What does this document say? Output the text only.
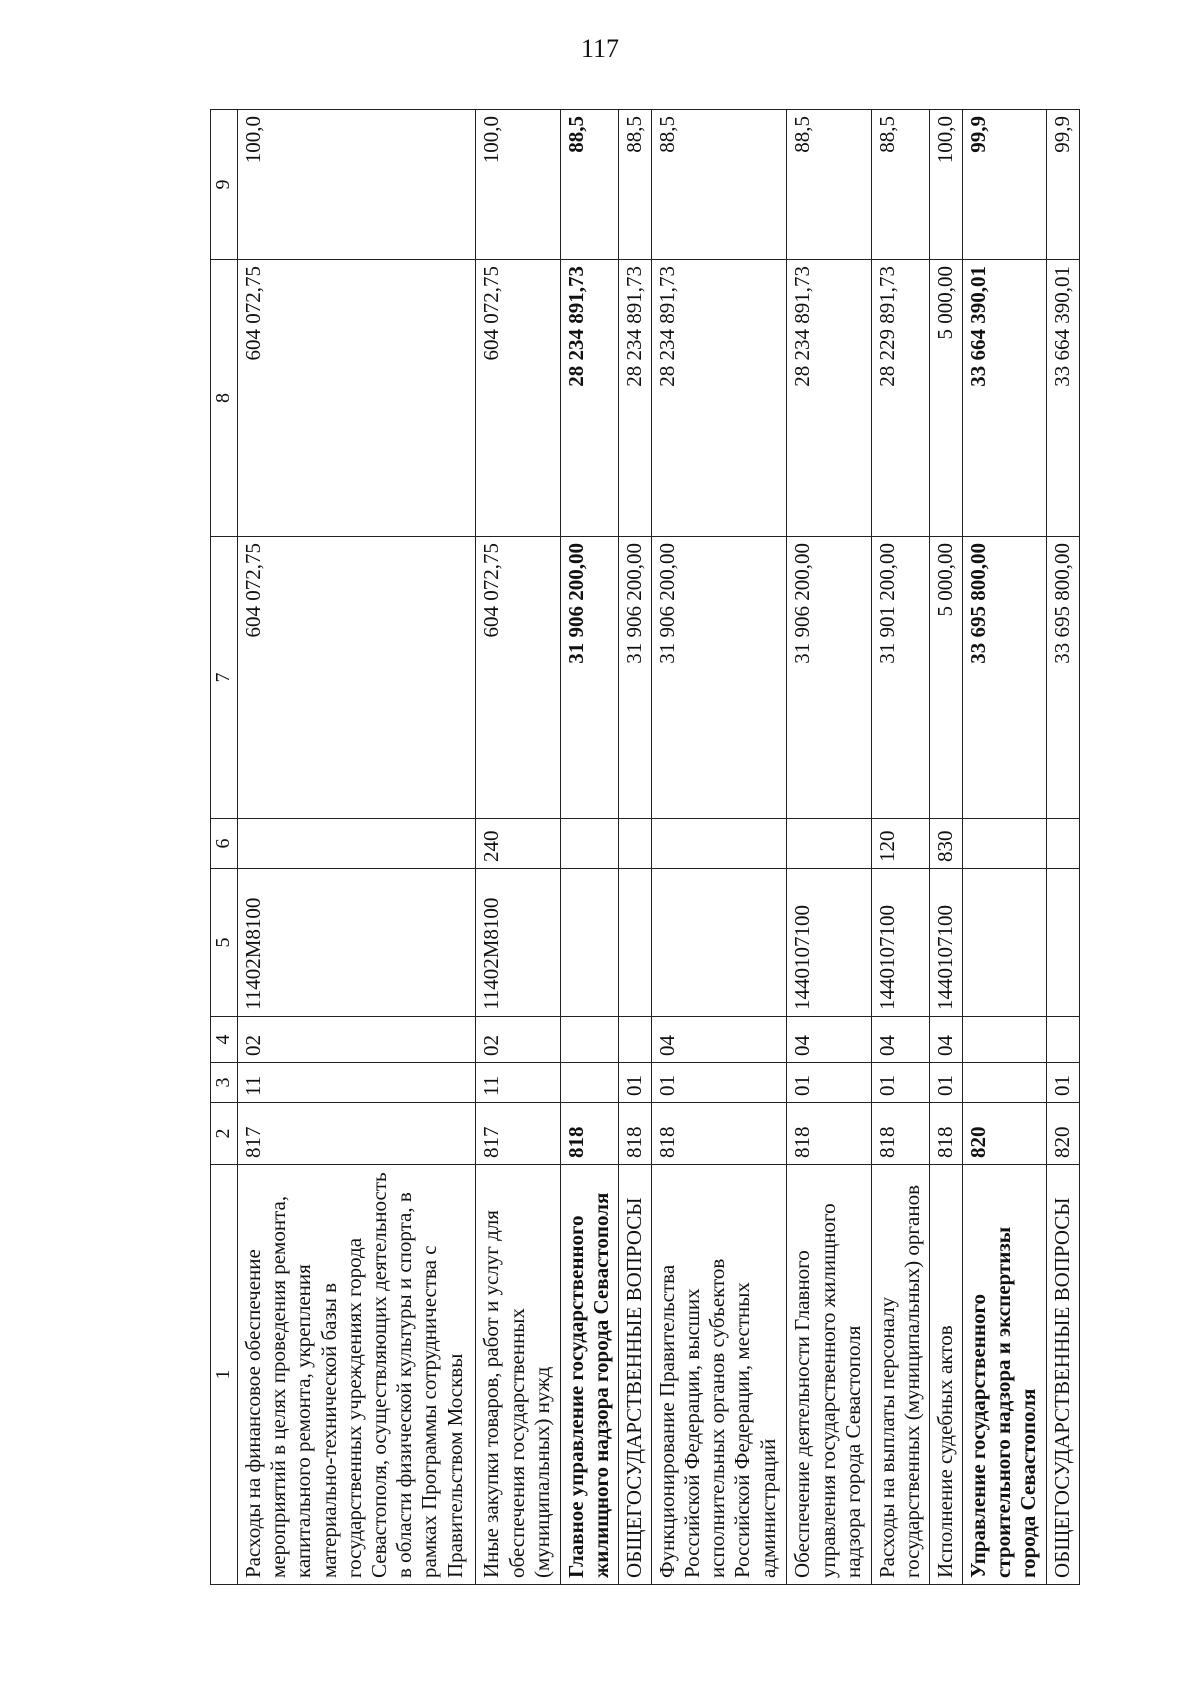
117
1	2	3	4	5	6	7	8	9
Расходы на финансовое обеспечение мероприятий в целях проведения ремонта, капитального ремонта, укрепления материально-технической базы в государственных учреждениях города Севастополя, осуществляющих деятельность в области физической культуры и спорта, в рамках Программы сотрудничества с Правительством Москвы	817	11	02	11402M8100		604 072,75	604 072,75	100,0
Иные закупки товаров, работ и услуг для обеспечения государственных (муниципальных) нужд	817	11	02	11402M8100	240	604 072,75	604 072,75	100,0
Главное управление государственного жилищного надзора города Севастополя	818					31 906 200,00	28 234 891,73	88,5
ОБЩЕГОСУДАРСТВЕННЫЕ ВОПРОСЫ	818	01				31 906 200,00	28 234 891,73	88,5
Функционирование Правительства Российской Федерации, высших исполнительных органов субъектов Российской Федерации, местных администраций	818	01	04			31 906 200,00	28 234 891,73	88,5
Обеспечение деятельности Главного управления государственного жилищного надзора города Севастополя	818	01	04	1440107100		31 906 200,00	28 234 891,73	88,5
Расходы на выплаты персоналу государственных (муниципальных) органов	818	01	04	1440107100	120	31 901 200,00	28 229 891,73	88,5
Исполнение судебных актов	818	01	04	1440107100	830	5 000,00	5 000,00	100,0
Управление государственного строительного надзора и экспертизы города Севастополя	820					33 695 800,00	33 664 390,01	99,9
ОБЩЕГОСУДАРСТВЕННЫЕ ВОПРОСЫ	820	01				33 695 800,00	33 664 390,01	99,9
